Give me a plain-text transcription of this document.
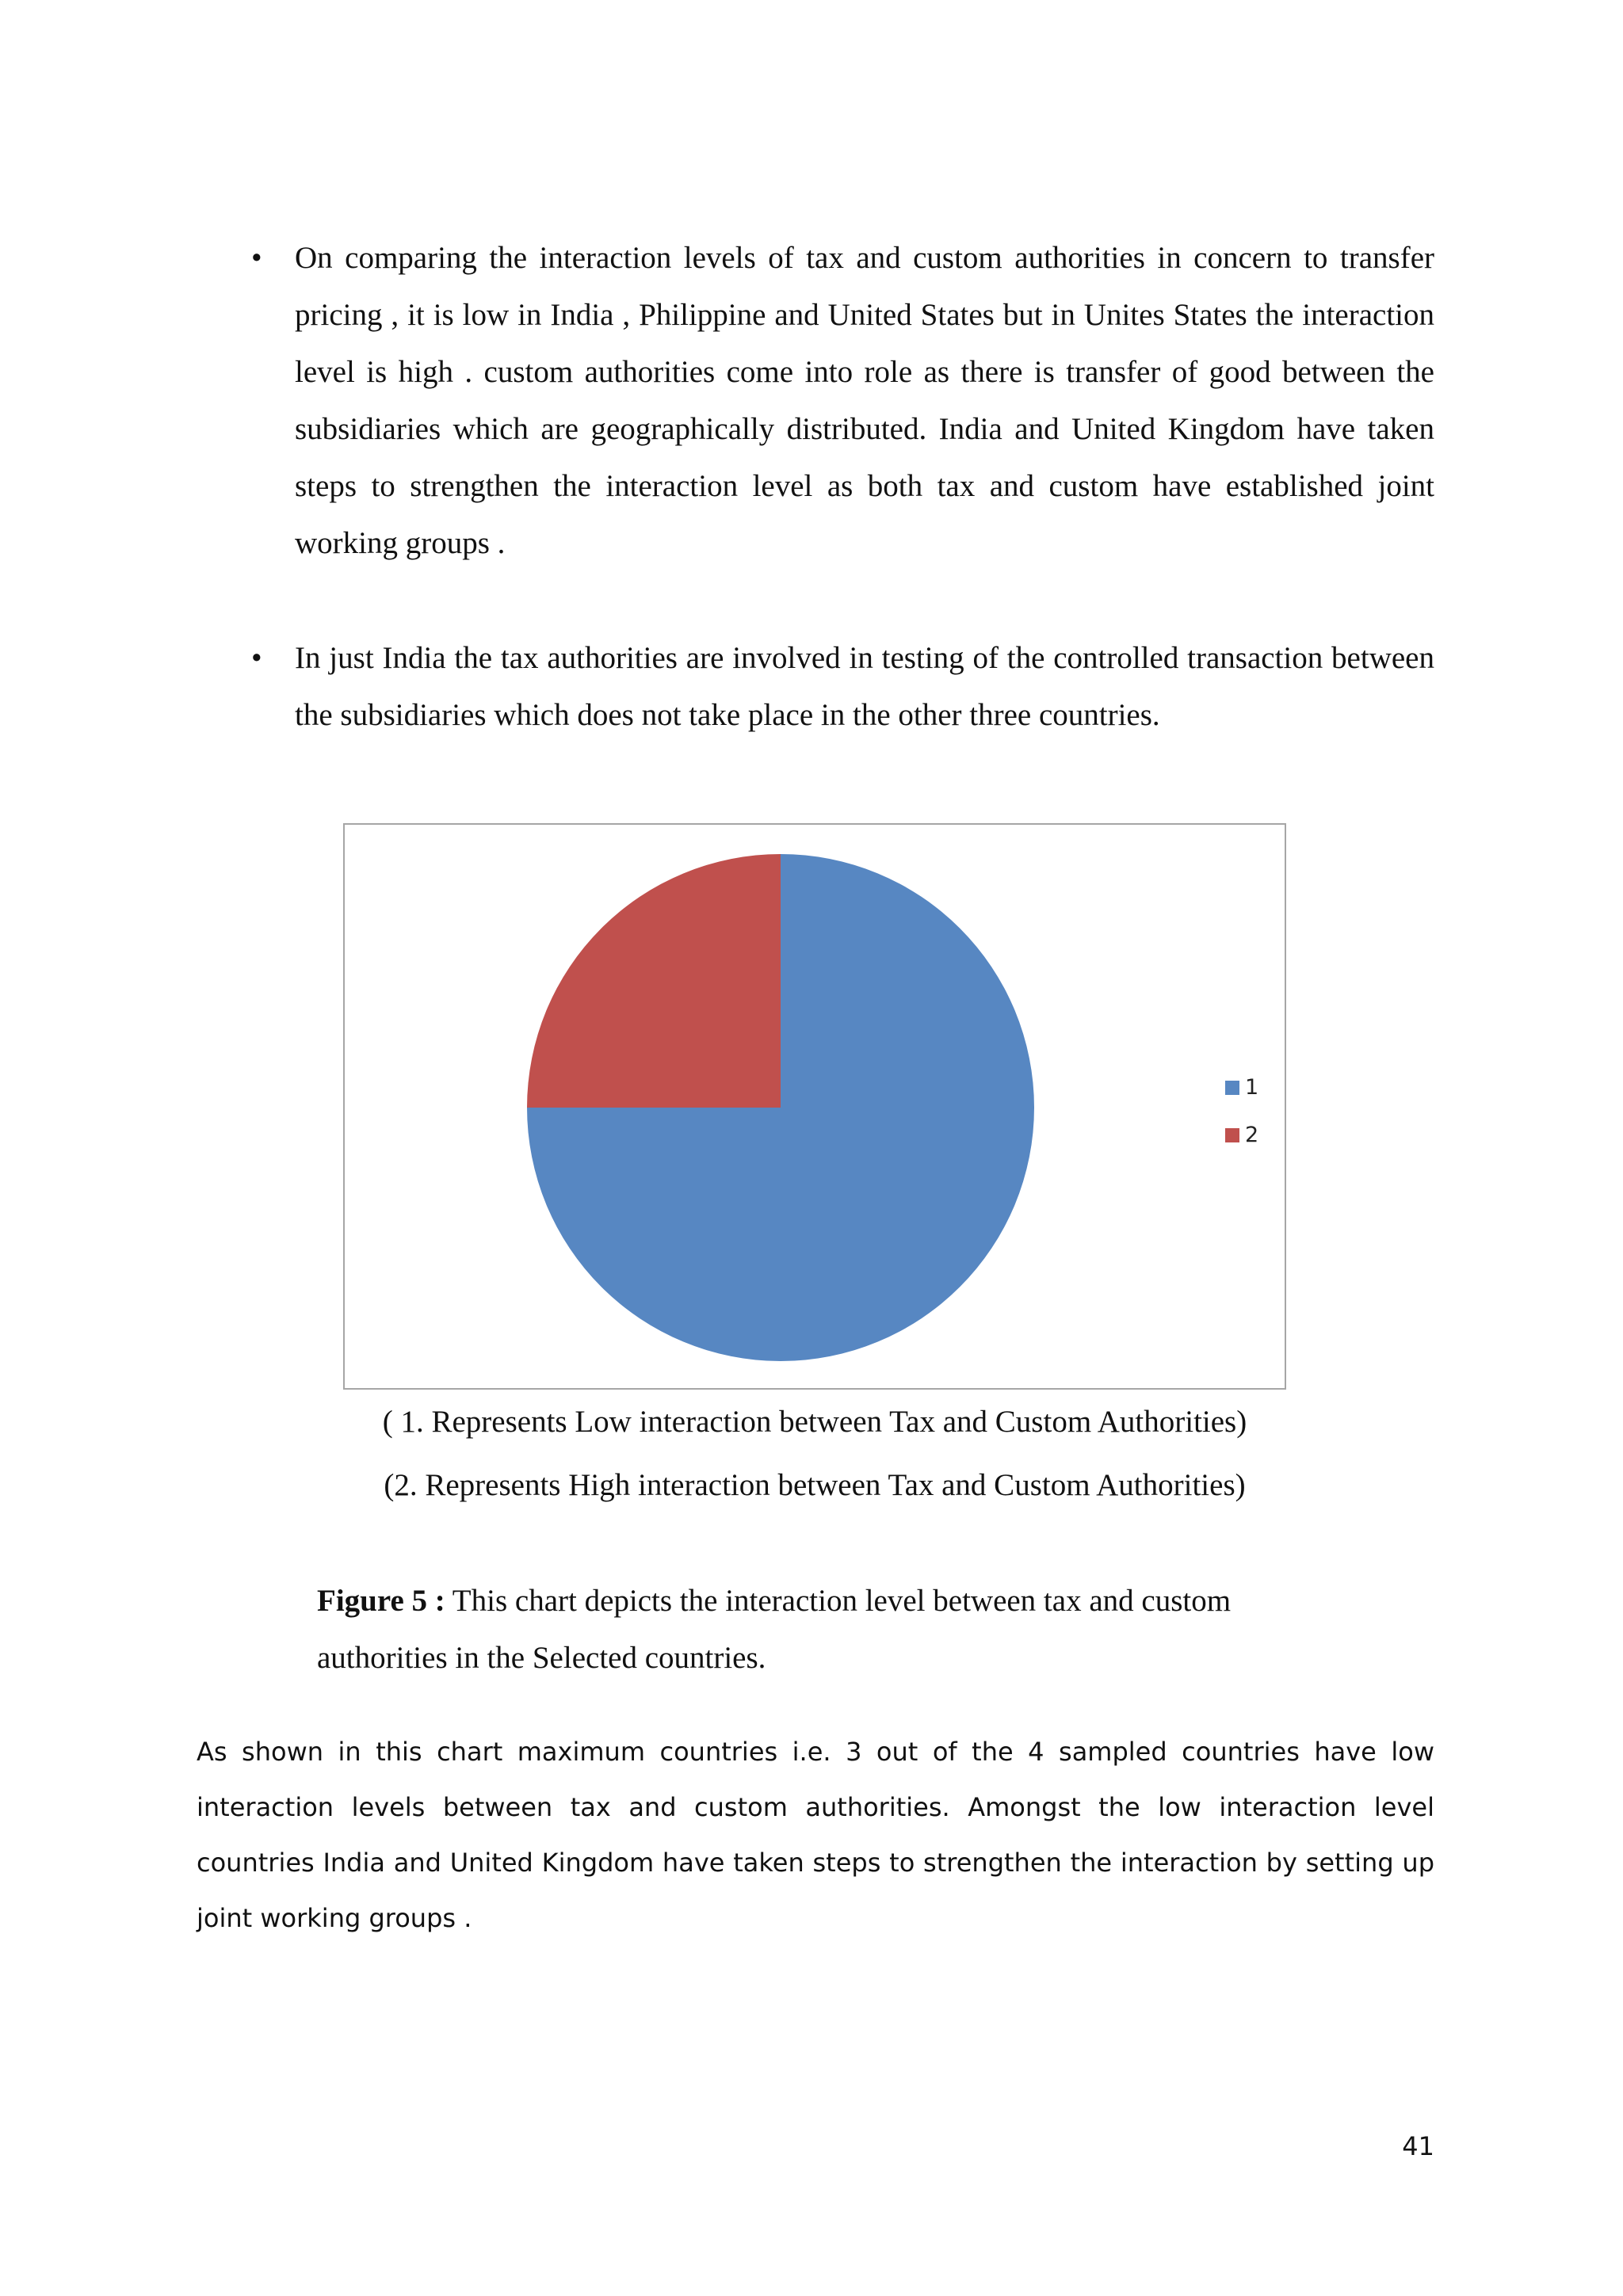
• On comparing the interaction levels of tax and custom authorities in concern to transfer pricing , it is low in India , Philippine and United States but in Unites States the interaction level is high . custom authorities come into role as there is transfer of good between the subsidiaries which are geographically distributed. India and United Kingdom have taken steps to strengthen the interaction level as both tax and custom have established joint working groups .
• In just India the tax authorities are involved in testing of the controlled transaction between the subsidiaries which does not take place in the other three countries.
1
2

( 1. Represents Low interaction between Tax and Custom Authorities)

(2. Represents High interaction between Tax and Custom Authorities)

Figure 5 : This chart depicts the interaction level between tax and custom authorities in the Selected countries.

As shown in this chart maximum countries i.e. 3 out of the 4 sampled countries have low interaction levels between tax and custom authorities. Amongst the low interaction level countries India and United Kingdom have taken steps to strengthen the interaction by setting up joint working groups .

41
